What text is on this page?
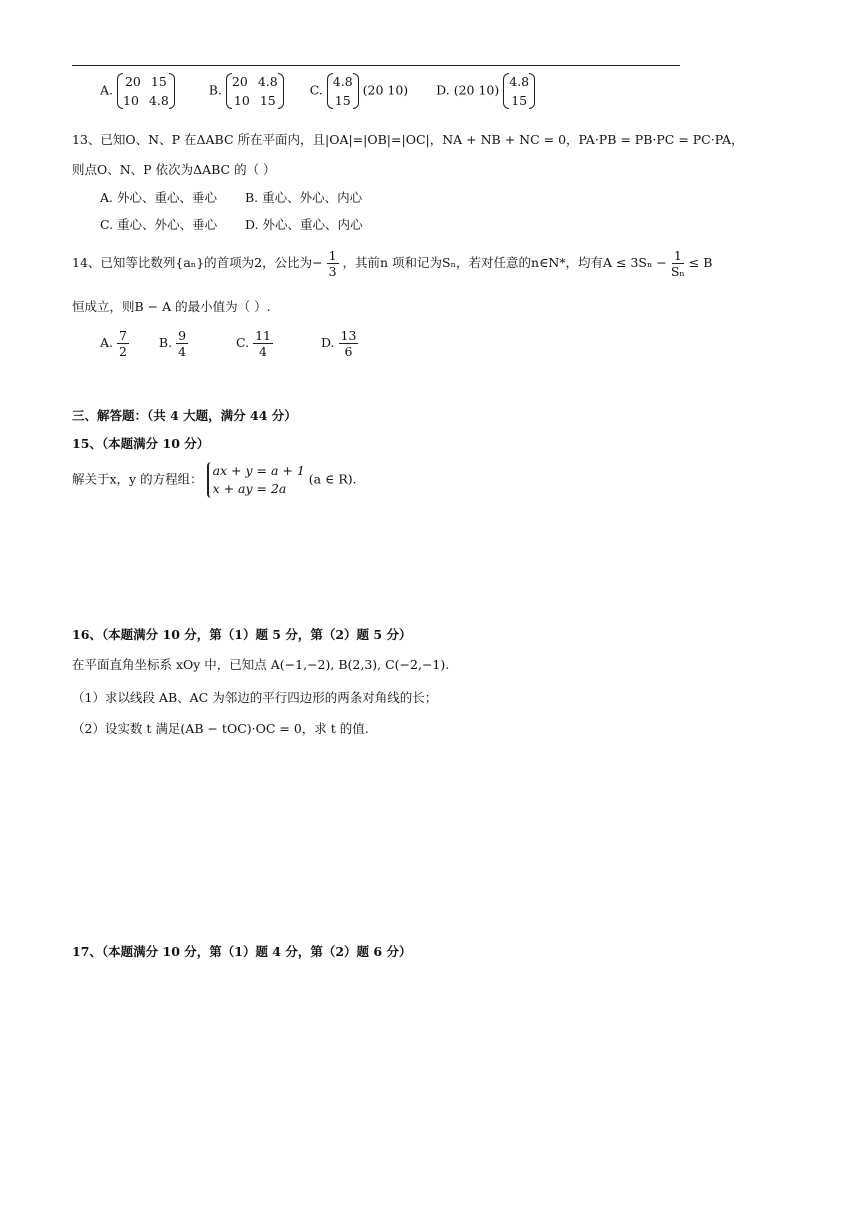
A.
20 15
10 4.8
B.
20 4.8
10 15
C.
4.8
15
(20 10) D. (20 10)
4.8
15
13、已知O、N、P 在ΔABC 所在平面内，且|OA|=|OB|=|OC|，NA + NB + NC = 0，PA·PB = PB·PC = PC·PA，
则点O、N、P 依次为ΔABC 的（ ）
A. 外心、重心、垂心 B. 重心、外心、内心
C. 重心、外心、垂心 D. 外心、重心、内心
14、已知等比数列{aₙ}的首项为2，公比为− $\frac{1}{3}$ ，其前n 项和记为Sₙ，若对任意的n∈N*，均有$A \le 3S_n - \frac{1}{\text{Sₙ}} \le B$
恒成立，则B − A 的最小值为（ ）.
A. $\frac{7}{2} B$. $\frac{9}{4}$	C. $\frac{11}{4}$	D. $\frac{13}{6}$
三、解答题：（共 4 大题，满分 44 分）
15、（本题满分 10 分）
解关于x，y 的方程组：
ax + y = a + 1
x + ay = 2a
(a ∈ R).
16、（本题满分 10 分，第（1）题 5 分，第（2）题 5 分）
在平面直角坐标系 xOy 中，已知点 A(−1,−2), B(2,3), C(−2,−1).
（1）求以线段 AB、AC 为邻边的平行四边形的两条对角线的长；
（2）设实数 t 满足(AB − tOC)·OC = 0，求 t 的值.
17、（本题满分 10 分，第（1）题 4 分，第（2）题 6 分）
